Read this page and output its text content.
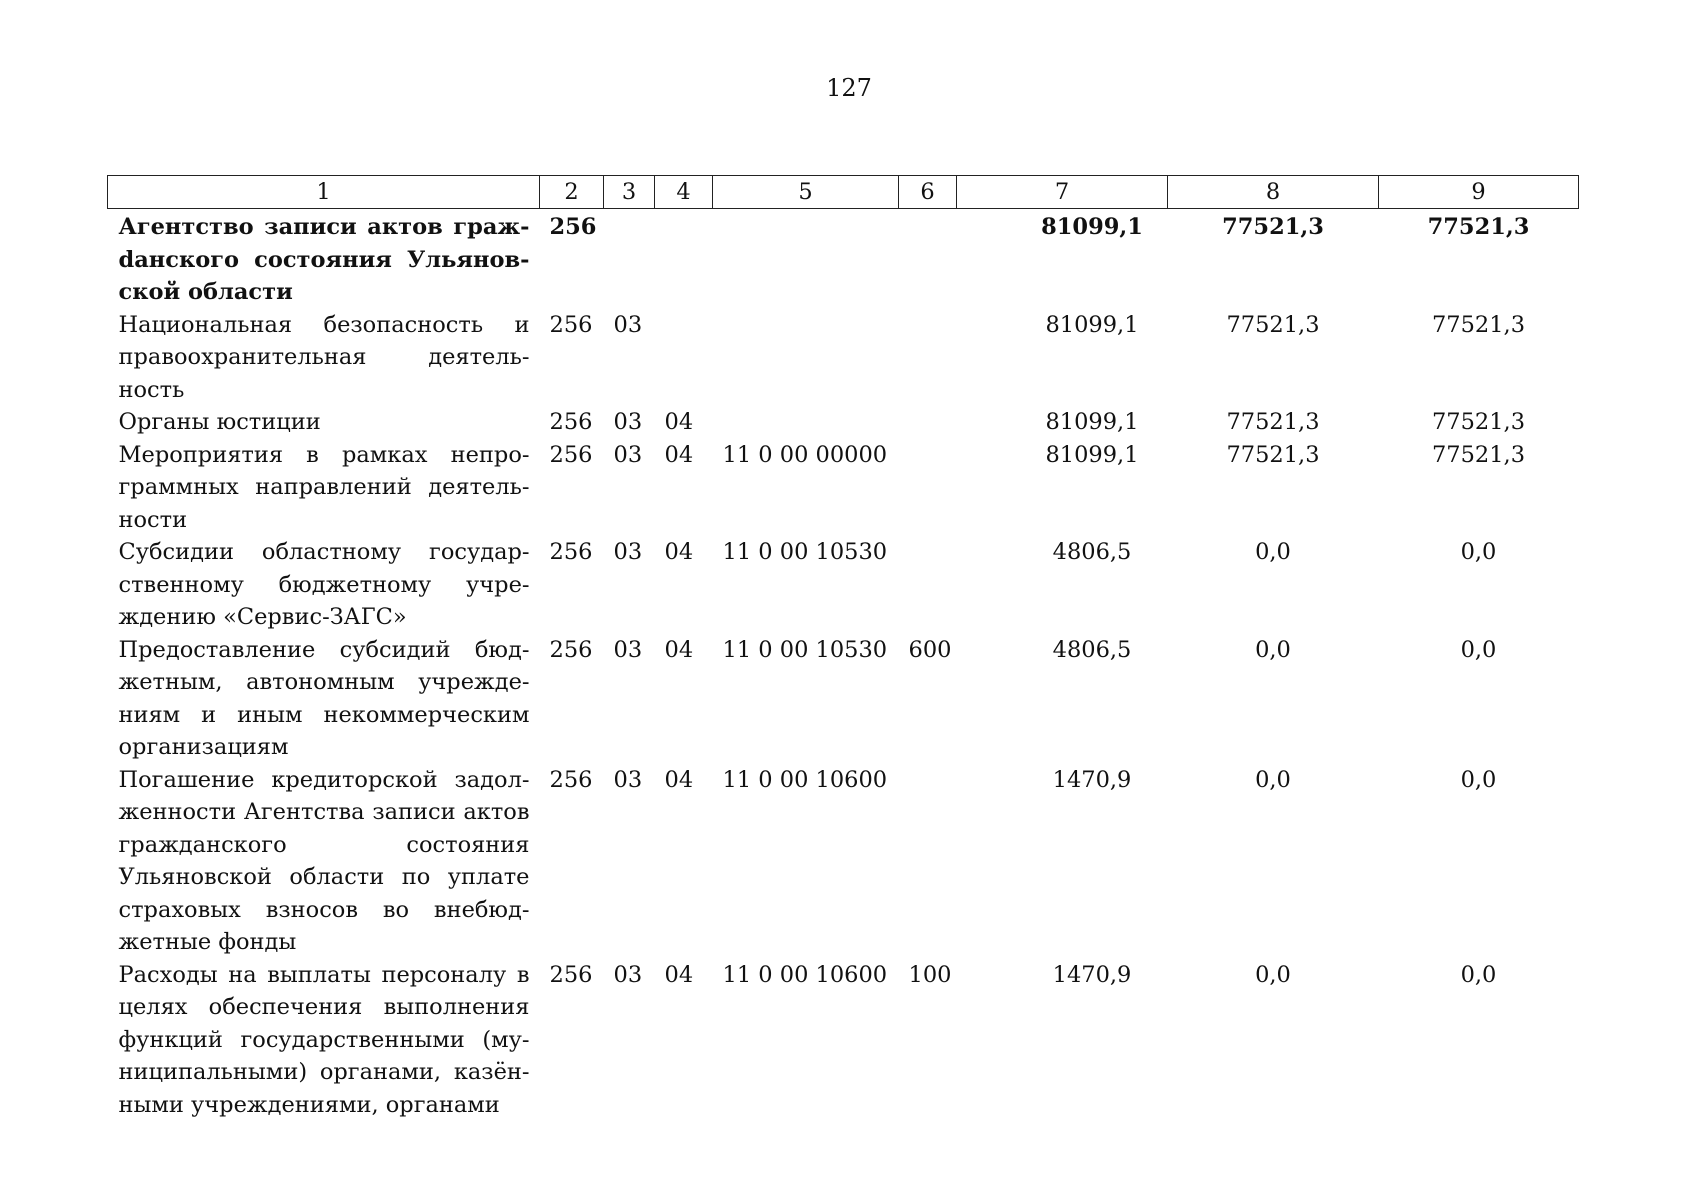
127
1	2	3	4	5	6	7	8	9
Агентство записи актов гражdанского состояния Ульяновской области	256					81099,1	77521,3	77521,3
Национальная безопасность и правоохранительная деятельность	256	03				81099,1	77521,3	77521,3
Органы юстиции	256	03	04			81099,1	77521,3	77521,3
Мероприятия в рамках непрограммных направлений деятельности	256	03	04	11 0 00 00000		81099,1	77521,3	77521,3
Субсидии областному государственному бюджетному учреждению «Сервис-ЗАГС»	256	03	04	11 0 00 10530		4806,5	0,0	0,0
Предоставление субсидий бюджетным, автономным учреждениям и иным некоммерческим организациям	256	03	04	11 0 00 10530	600	4806,5	0,0	0,0
Погашение кредиторской задолженности Агентства записи актов гражданского состояния Ульяновской области по уплате страховых взносов во внебюджетные фонды	256	03	04	11 0 00 10600		1470,9	0,0	0,0
Расходы на выплаты персоналу в целях обеспечения выполнения функций государственными (муниципальными) органами, казёнными учреждениями, органами	256	03	04	11 0 00 10600	100	1470,9	0,0	0,0
